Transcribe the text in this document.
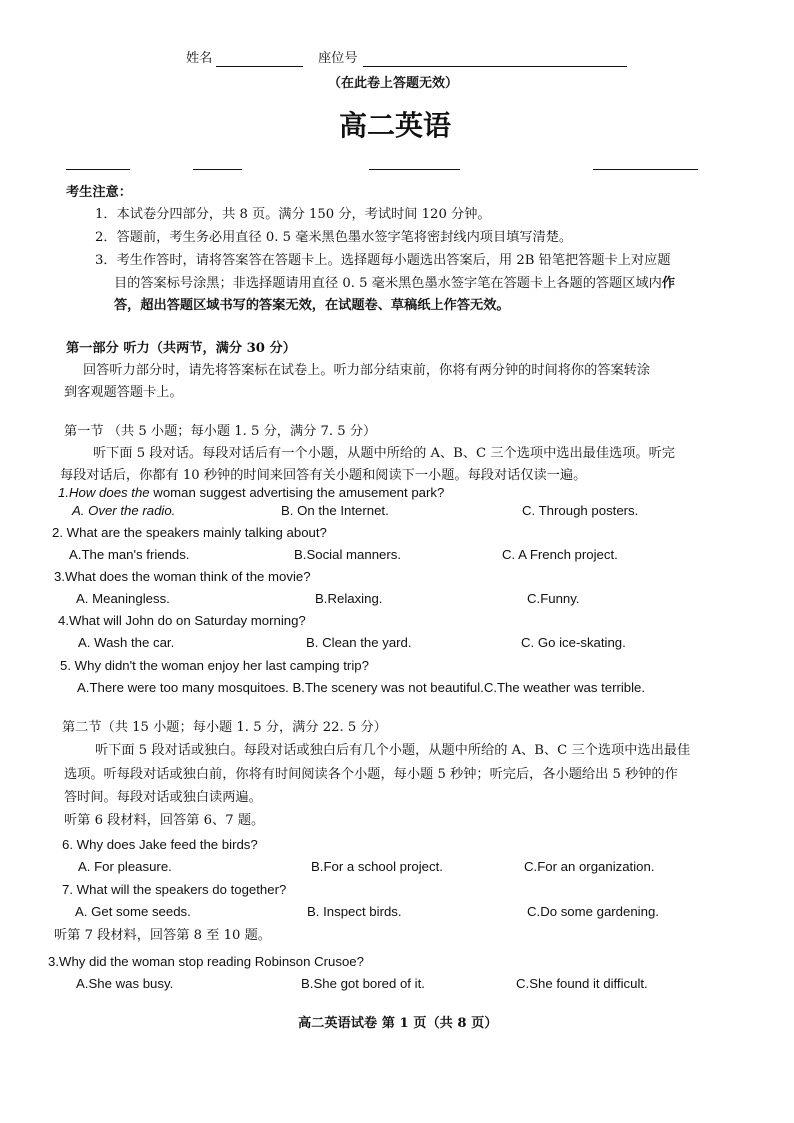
姓名	座位号
（在此卷上答题无效）
高二英语
考生注意：
1．本试卷分四部分，共 8 页。满分 150 分，考试时间 120 分钟。
2．答题前，考生务必用直径 0. 5 毫米黑色墨水签字笔将密封线内项目填写清楚。
3．考生作答时，请将答案答在答题卡上。选择题每小题选出答案后，用 2B 铅笔把答题卡上对应题
目的答案标号涂黑；非选择题请用直径 0. 5 毫米黑色墨水签字笔在答题卡上各题的答题区域内作
答，超出答题区域书写的答案无效，在试题卷、草稿纸上作答无效。
第一部分 听力（共两节，满分 30 分）
回答听力部分时，请先将答案标在试卷上。听力部分结束前，你将有两分钟的时间将你的答案转涂
到客观题答题卡上。
第一节 （共 5 小题；每小题 1. 5 分，满分 7. 5 分）
听下面 5 段对话。每段对话后有一个小题，从题中所给的 A、B、C 三个选项中选出最佳选项。听完
每段对话后，你都有 10 秒钟的时间来回答有关小题和阅读下一小题。每段对话仅读一遍。
1.How does the woman suggest advertising the amusement park?
A. Over the radio.	B. On the Internet.	C. Through posters.
2. What are the speakers mainly talking about?
A.The man's friends.	B.Social manners.	C. A French project.
3.What does the woman think of the movie?
A. Meaningless.	B.Relaxing.	C.Funny.
4.What will John do on Saturday morning?
A. Wash the car.	B. Clean the yard.	C. Go ice-skating.
5. Why didn't the woman enjoy her last camping trip?
A.There were too many mosquitoes. B.The scenery was not beautiful.C.The weather was terrible.
第二节（共 15 小题；每小题 1. 5 分，满分 22. 5 分）
听下面 5 段对话或独白。每段对话或独白后有几个小题，从题中所给的 A、B、C 三个选项中选出最佳
选项。听每段对话或独白前，你将有时间阅读各个小题，每小题 5 秒钟；听完后，各小题给出 5 秒钟的作
答时间。每段对话或独白读两遍。
听第 6 段材料，回答第 6、7 题。
6. Why does Jake feed the birds?
A. For pleasure.	B.For a school project.	C.For an organization.
7. What will the speakers do together?
A. Get some seeds.	B. Inspect birds.	C.Do some gardening.
听第 7 段材料，回答第 8 至 10 题。
3.Why did the woman stop reading Robinson Crusoe?
A.She was busy.	B.She got bored of it.	C.She found it difficult.
高二英语试卷 第 1 页（共 8 页）
